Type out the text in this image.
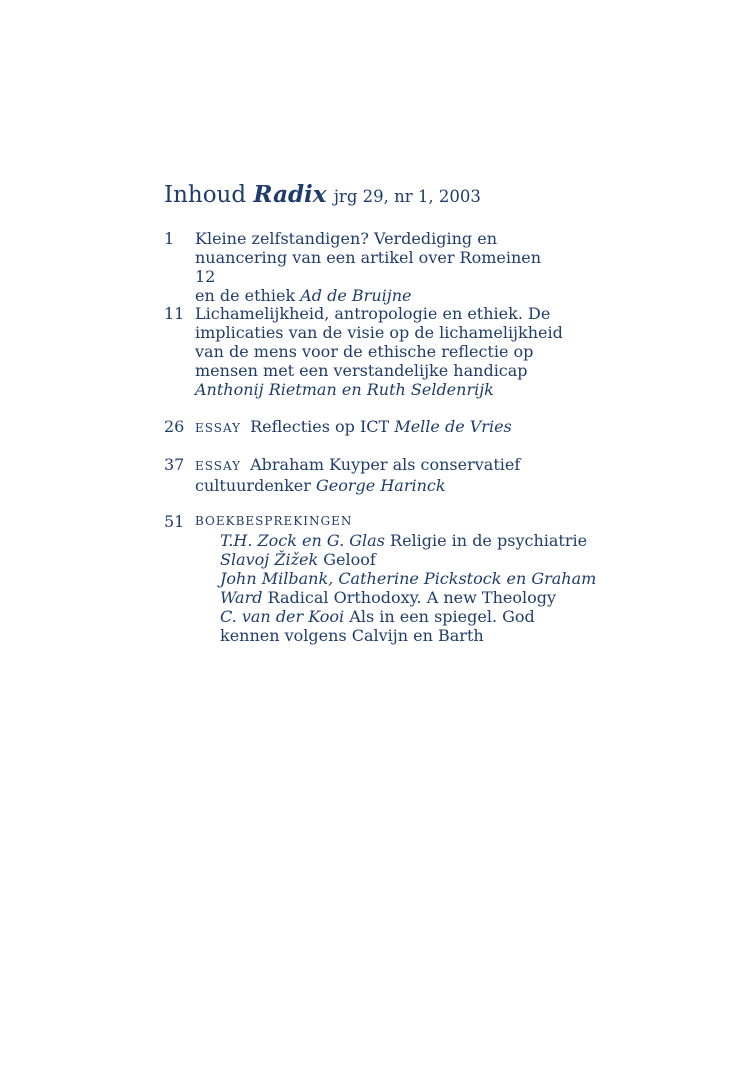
Inhoud Radix jrg 29, nr 1, 2003
1	Kleine zelfstandigen? Verdediging en
nuancering van een artikel over Romeinen 12
en de ethiek Ad de Bruijne
11 Lichamelijkheid, antropologie en ethiek. De
implicaties van de visie op de lichamelijkheid
van de mens voor de ethische reflectie op
mensen met een verstandelijke handicap
Anthonij Rietman en Ruth Seldenrijk
26 ESSAY Reflecties op ICT Melle de Vries
37 ESSAY Abraham Kuyper als conservatief
cultuurdenker George Harinck
51 BOEKBESPREKINGEN
T.H. Zock en G. Glas Religie in de psychiatrie
Slavoj Žižek Geloof
John Milbank, Catherine Pickstock en Graham
Ward Radical Orthodoxy. A new Theology
C. van der Kooi Als in een spiegel. God
kennen volgens Calvijn en Barth
